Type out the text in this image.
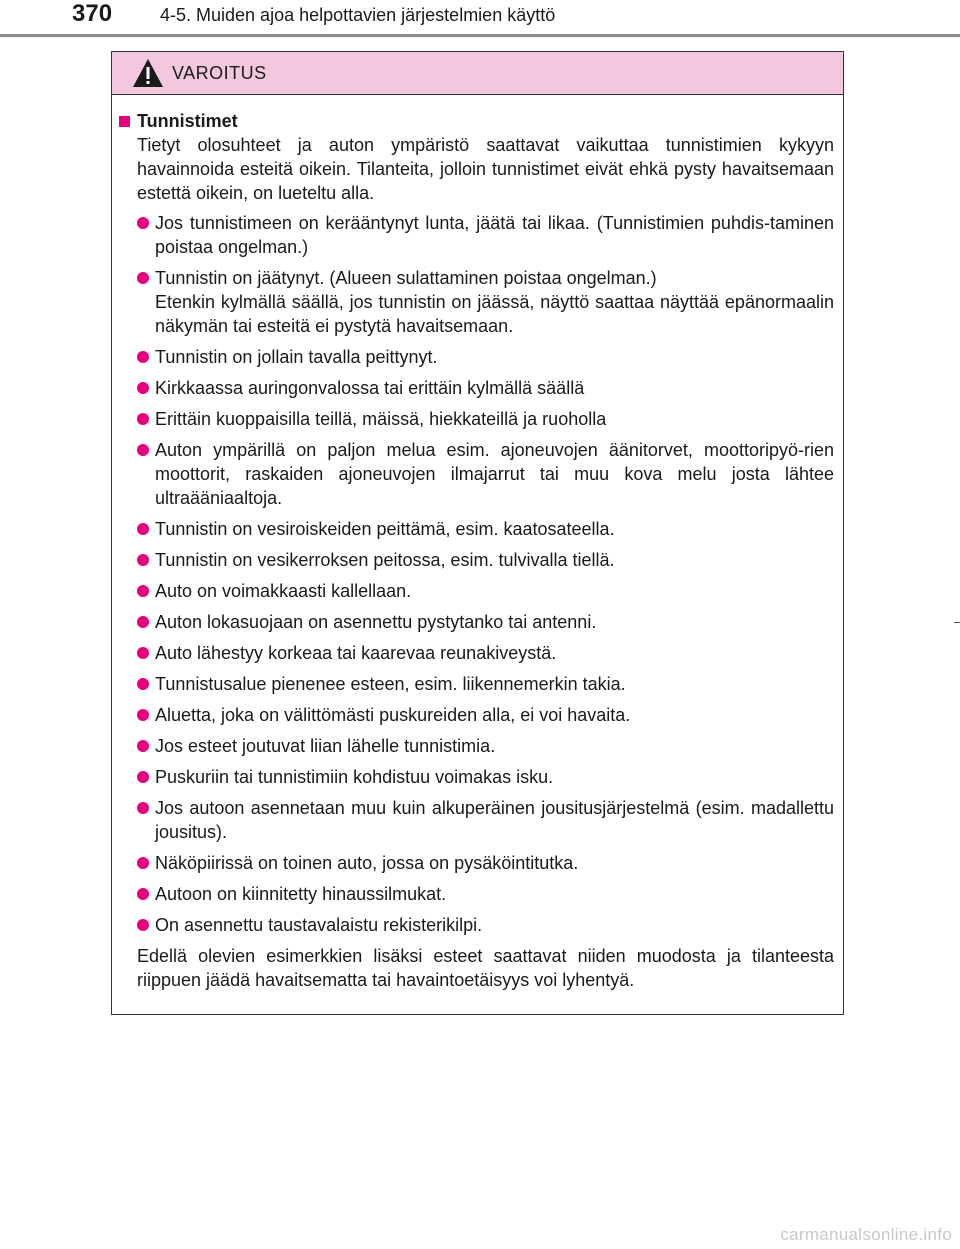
370	4-5. Muiden ajoa helpottavien järjestelmien käyttö
VAROITUS
Tunnistimet

Tietyt olosuhteet ja auton ympäristö saattavat vaikuttaa tunnistimien kykyyn havainnoida esteitä oikein. Tilanteita, jolloin tunnistimet eivät ehkä pysty havaitsemaan estettä oikein, on lueteltu alla.

Jos tunnistimeen on kerääntynyt lunta, jäätä tai likaa. (Tunnistimien puhdis-taminen poistaa ongelman.)
Tunnistin on jäätynyt. (Alueen sulattaminen poistaa ongelman.)
Etenkin kylmällä säällä, jos tunnistin on jäässä, näyttö saattaa näyttää epänormaalin näkymän tai esteitä ei pystytä havaitsemaan.
Tunnistin on jollain tavalla peittynyt.
Kirkkaassa auringonvalossa tai erittäin kylmällä säällä
Erittäin kuoppaisilla teillä, mäissä, hiekkateillä ja ruoholla
Auton ympärillä on paljon melua esim. ajoneuvojen äänitorvet, moottoripyö-rien moottorit, raskaiden ajoneuvojen ilmajarrut tai muu kova melu josta lähtee ultraääniaaltoja.
Tunnistin on vesiroiskeiden peittämä, esim. kaatosateella.
Tunnistin on vesikerroksen peitossa, esim. tulvivalla tiellä.
Auto on voimakkaasti kallellaan.
Auton lokasuojaan on asennettu pystytanko tai antenni.
Auto lähestyy korkeaa tai kaarevaa reunakiveystä.
Tunnistusalue pienenee esteen, esim. liikennemerkin takia.
Aluetta, joka on välittömästi puskureiden alla, ei voi havaita.
Jos esteet joutuvat liian lähelle tunnistimia.
Puskuriin tai tunnistimiin kohdistuu voimakas isku.
Jos autoon asennetaan muu kuin alkuperäinen jousitusjärjestelmä (esim. madallettu jousitus).
Näköpiirissä on toinen auto, jossa on pysäköintitutka.
Autoon on kiinnitetty hinaussilmukat.
On asennettu taustavalaistu rekisterikilpi.

Edellä olevien esimerkkien lisäksi esteet saattavat niiden muodosta ja tilanteesta riippuen jäädä havaitsematta tai havaintoetäisyys voi lyhentyä.

carmanualsonline.info
